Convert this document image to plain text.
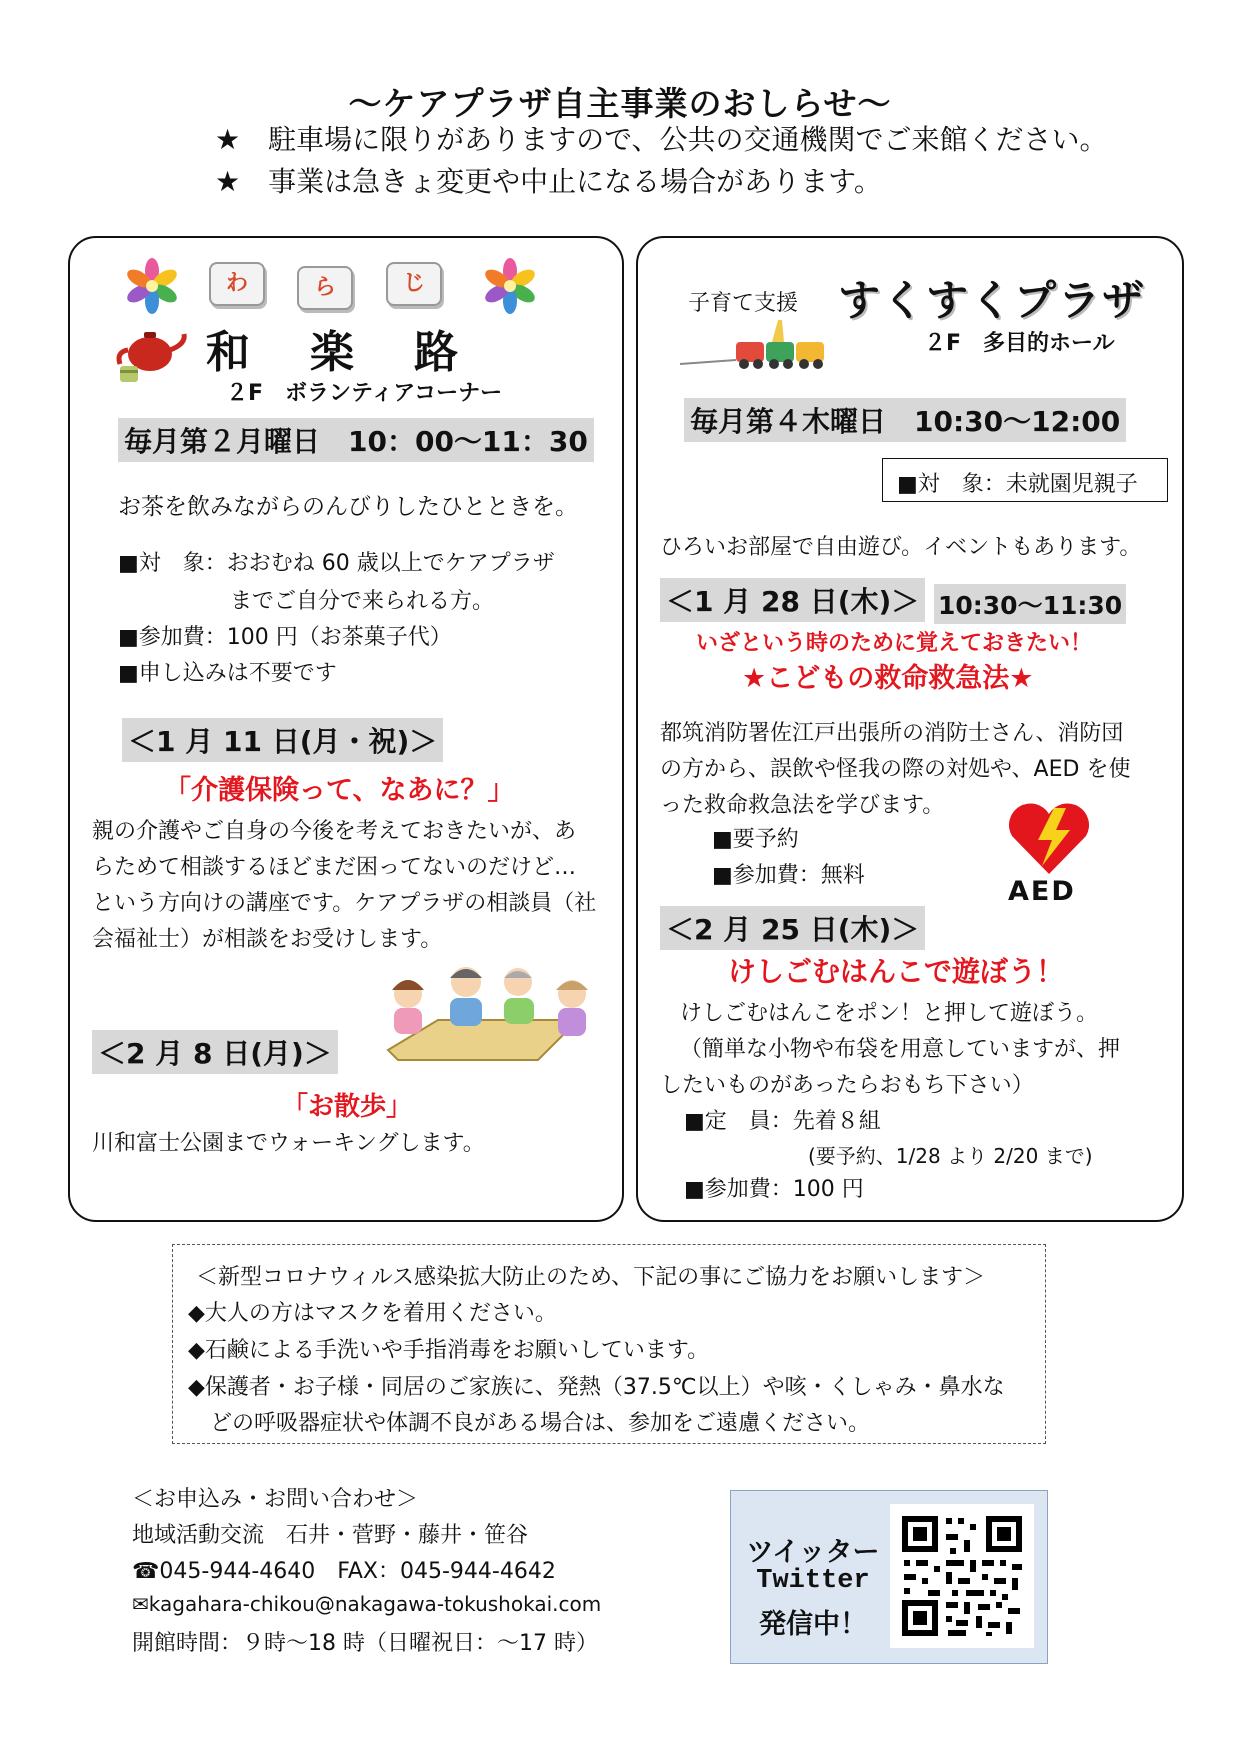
～ケアプラザ自主事業のおしらせ～
★　駐車場に限りがありますので、公共の交通機関でご来館ください。
★　事業は急きょ変更や中止になる場合があります。
わ	ら	じ
和　楽　路
２F　ボランティアコーナー
毎月第２月曜日　10：00～11：30
お茶を飲みながらのんびりしたひとときを。
■対　象：おおむね 60 歳以上でケアプラザ
までご自分で来られる方。
■参加費：100 円（お茶菓子代）
■申し込みは不要です
＜1 月 11 日(月・祝)＞
「介護保険って、なあに？」
親の介護やご自身の今後を考えておきたいが、あ
らためて相談するほどまだ困ってないのだけど…
という方向けの講座です。ケアプラザの相談員（社
会福祉士）が相談をお受けします。
＜2 月 8 日(月)＞
「お散歩」
川和富士公園までウォーキングします。
子育て支援 すくすくプラザ
２F　多目的ホール
毎月第４木曜日　10:30～12:00
■対　象：未就園児親子
ひろいお部屋で自由遊び。イベントもあります。
＜1 月 28 日(木)＞ 10:30～11:30
いざという時のために覚えておきたい！
★こどもの救命救急法★
都筑消防署佐江戸出張所の消防士さん、消防団
の方から、誤飲や怪我の際の対処や、AED を使
った救命救急法を学びます。
■要予約
■参加費：無料
AED
＜2 月 25 日(木)＞
けしごむはんこで遊ぼう！
けしごむはんこをポン！と押して遊ぼう。
（簡単な小物や布袋を用意していますが、押
したいものがあったらおもち下さい）
■定　員：先着８組
(要予約、1/28 より 2/20 まで)
■参加費：100 円
＜新型コロナウィルス感染拡大防止のため、下記の事にご協力をお願いします＞
◆大人の方はマスクを着用ください。
◆石鹸による手洗いや手指消毒をお願いしています。
◆保護者・お子様・同居のご家族に、発熱（37.5℃以上）や咳・くしゃみ・鼻水な
　どの呼吸器症状や体調不良がある場合は、参加をご遠慮ください。
＜お申込み・お問い合わせ＞
地域活動交流　石井・菅野・藤井・笹谷
☎045-944-4640　FAX：045-944-4642
✉kagahara-chikou@nakagawa-tokushokai.com
開館時間：９時～18 時（日曜祝日：～17 時）
ツイッター
Twitter
発信中！
